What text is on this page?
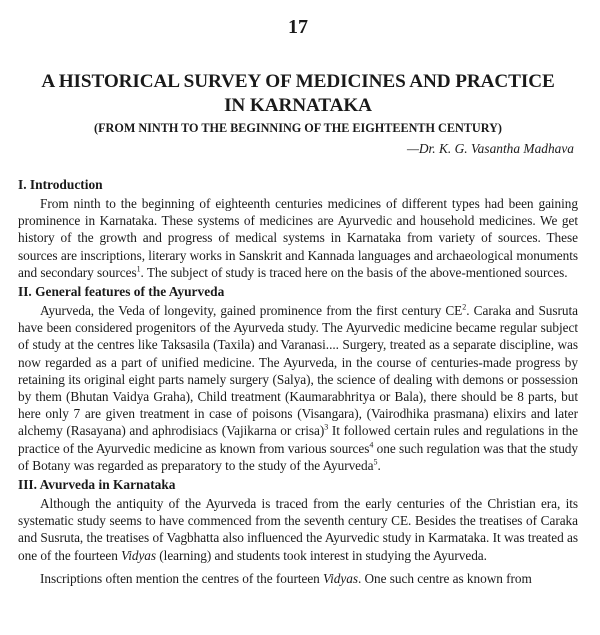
17
A HISTORICAL SURVEY OF MEDICINES AND PRACTICE
IN KARNATAKA
(FROM NINTH TO THE BEGINNING OF THE EIGHTEENTH CENTURY)
—Dr. K. G. Vasantha Madhava
I. Introduction

From ninth to the beginning of eighteenth centuries medicines of different types had been gaining prominence in Karnataka. These systems of medicines are Ayurvedic and household medicines. We get history of the growth and progress of medical systems in Karnataka from variety of sources. These sources are inscriptions, literary works in Sanskrit and Kannada languages and archaeological monuments and secondary sources$^1$. The subject of study is traced here on the basis of the above-mentioned sources.

II. General features of the Ayurveda

Ayurveda, the Veda of longevity, gained prominence from the first century $CE^2$. Caraka and Susruta have been considered progenitors of the Ayurveda study. The Ayurvedic medicine became regular subject of study at the centres like Taksasila (Taxila) and Varanasi.... Surgery, treated as a separate discipline, was now regarded as a part of unified medicine. The Ayurveda, in the course of centuries-made progress by retaining its original eight parts namely surgery (Salya), the science of dealing with demons or possession by them (Bhutan Vaidya Graha), Child treatment (Kaumarabhritya or Bala), there should be 8 parts, but here only 7 are given treatment in case of poisons (Visangara), (Vairodhika prasmana) elixirs and later alchemy (Rasayana) and aphrodisiacs (Vajikarna or crisa)$^3$ It followed certain rules and regulations in the practice of the Ayurvedic medicine as known from various sources$^4$ one such regulation was that the study of Botany was regarded as preparatory to the study of the Ayurveda$^5$.

III. Avurveda in Karnataka

Although the antiquity of the Ayurveda is traced from the early centuries of the Christian era, its systematic study seems to have commenced from the seventh century CE. Besides the treatises of Caraka and Susruta, the treatises of Vagbhatta also influenced the Ayurvedic study in Karmataka. It was treated as one of the fourteen Vidyas (learning) and students took interest in studying the Ayurveda.

Inscriptions often mention the centres of the fourteen Vidyas. One such centre as known from
